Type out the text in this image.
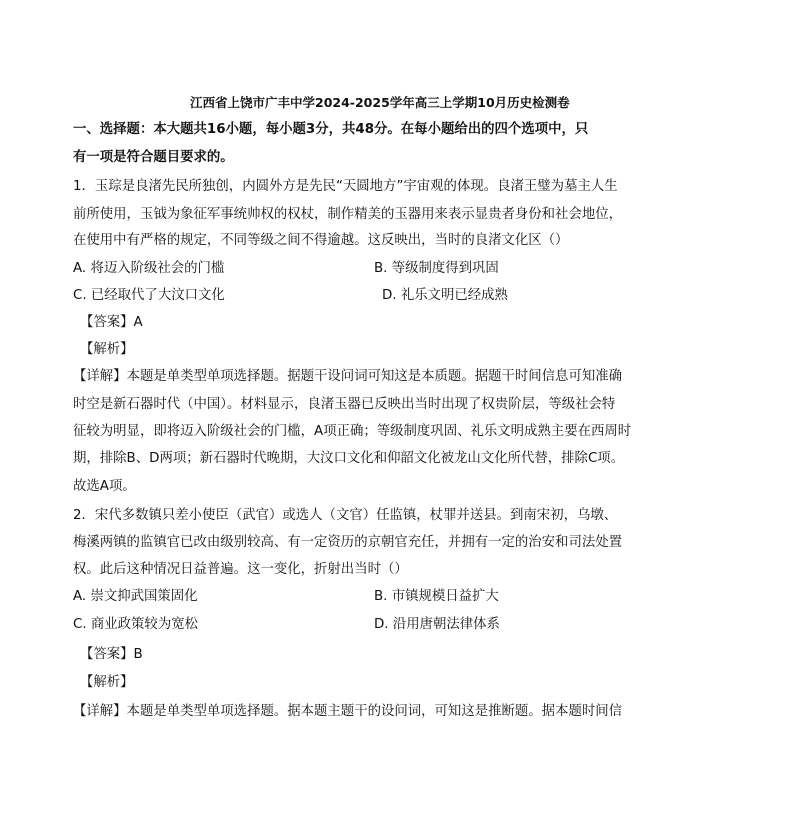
江西省上饶市广丰中学2024-2025学年高三上学期10月历史检测卷
一、选择题：本大题共16小题，每小题3分，共48分。在每小题给出的四个选项中，只
有一项是符合题目要求的。
1．玉琮是良渚先民所独创，内圆外方是先民“天圆地方”宇宙观的体现。良渚王璧为墓主人生
前所使用，玉钺为象征军事统帅权的权杖，制作精美的玉器用来表示显贵者身份和社会地位，
在使用中有严格的规定，不同等级之间不得逾越。这反映出，当时的良渚文化区（）
A. 将迈入阶级社会的门槛	B. 等级制度得到巩固
C. 已经取代了大汶口文化	D. 礼乐文明已经成熟
【答案】A
【解析】
【详解】本题是单类型单项选择题。据题干设问词可知这是本质题。据题干时间信息可知准确
时空是新石器时代（中国）。材料显示，良渚玉器已反映出当时出现了权贵阶层，等级社会特
征较为明显，即将迈入阶级社会的门槛，A项正确；等级制度巩固、礼乐文明成熟主要在西周时
期，排除B、D两项；新石器时代晚期，大汶口文化和仰韶文化被龙山文化所代替，排除C项。
故选A项。
2．宋代多数镇只差小使臣（武官）或选人（文官）任监镇，杖罪并送县。到南宋初，乌墩、
梅溪两镇的监镇官已改由级别较高、有一定资历的京朝官充任，并拥有一定的治安和司法处置
权。此后这种情况日益普遍。这一变化，折射出当时（）
A. 崇文抑武国策固化	B. 市镇规模日益扩大
C. 商业政策较为宽松	D. 沿用唐朝法律体系
【答案】B
【解析】
【详解】本题是单类型单项选择题。据本题主题干的设问词，可知这是推断题。据本题时间信
